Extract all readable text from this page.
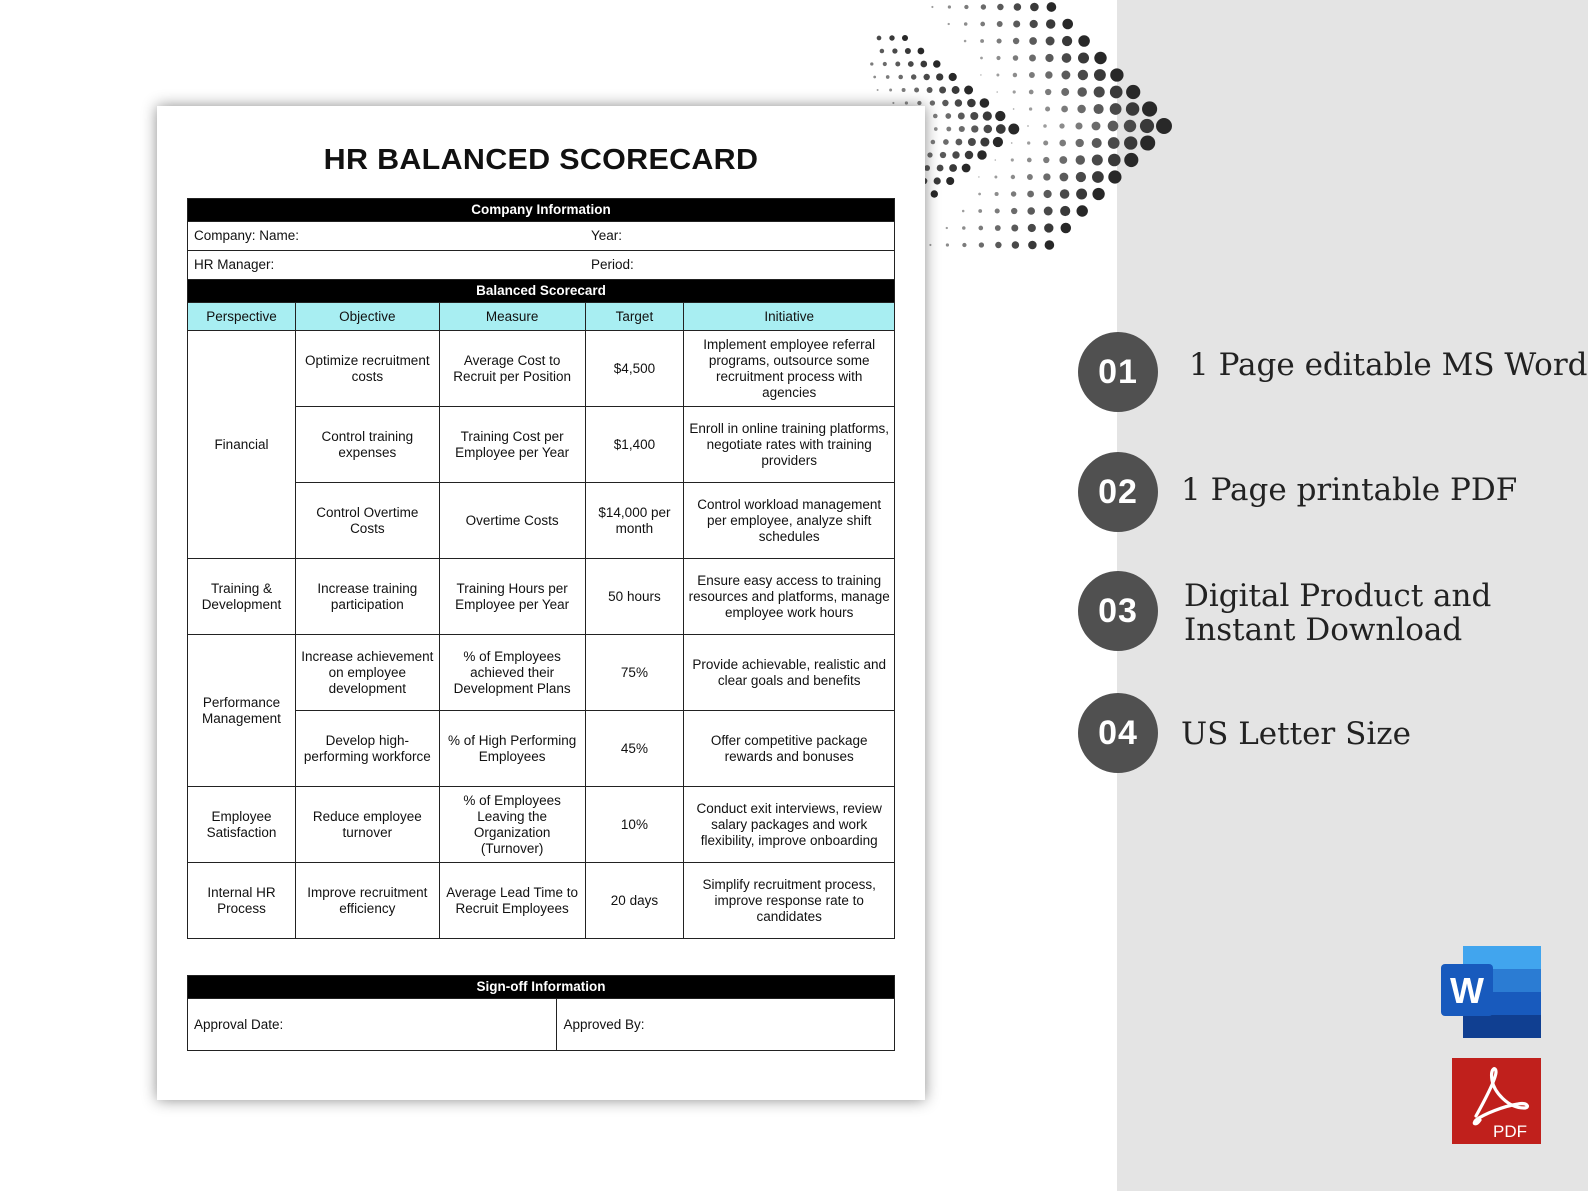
HR BALANCED SCORECARD
Company Information				
Company: Name:			Year:	
HR Manager:			Period:	
Balanced Scorecard				
Perspective	Objective	Measure	Target	Initiative
Financial	Optimize recruitment costs	Average Cost to Recruit per Position	$4,500	Implement employee referral programs, outsource some recruitment process with agencies
	Control training expenses	Training Cost per Employee per Year	$1,400	Enroll in online training platforms, negotiate rates with training providers
	Control Overtime Costs	Overtime Costs	$14,000 per month	Control workload management per employee, analyze shift schedules
Training & Development	Increase training participation	Training Hours per Employee per Year	50 hours	Ensure easy access to training resources and platforms, manage employee work hours
Performance Management	Increase achievement on employee development	% of Employees achieved their Development Plans	75%	Provide achievable, realistic and clear goals and benefits
	Develop high-performing workforce	% of High Performing Employees	45%	Offer competitive package rewards and bonuses
Employee Satisfaction	Reduce employee turnover	% of Employees Leaving the Organization (Turnover)	10%	Conduct exit interviews, review salary packages and work flexibility, improve onboarding
Internal HR Process	Improve recruitment efficiency	Average Lead Time to Recruit Employees	20 days	Simplify recruitment process, improve response rate to candidates
Sign-off Information
Approval Date:	Approved By:
01	1 Page editable MS Word
02	1 Page printable PDF
03	Digital Product and
Instant Download
04	US Letter Size
W
PDF
